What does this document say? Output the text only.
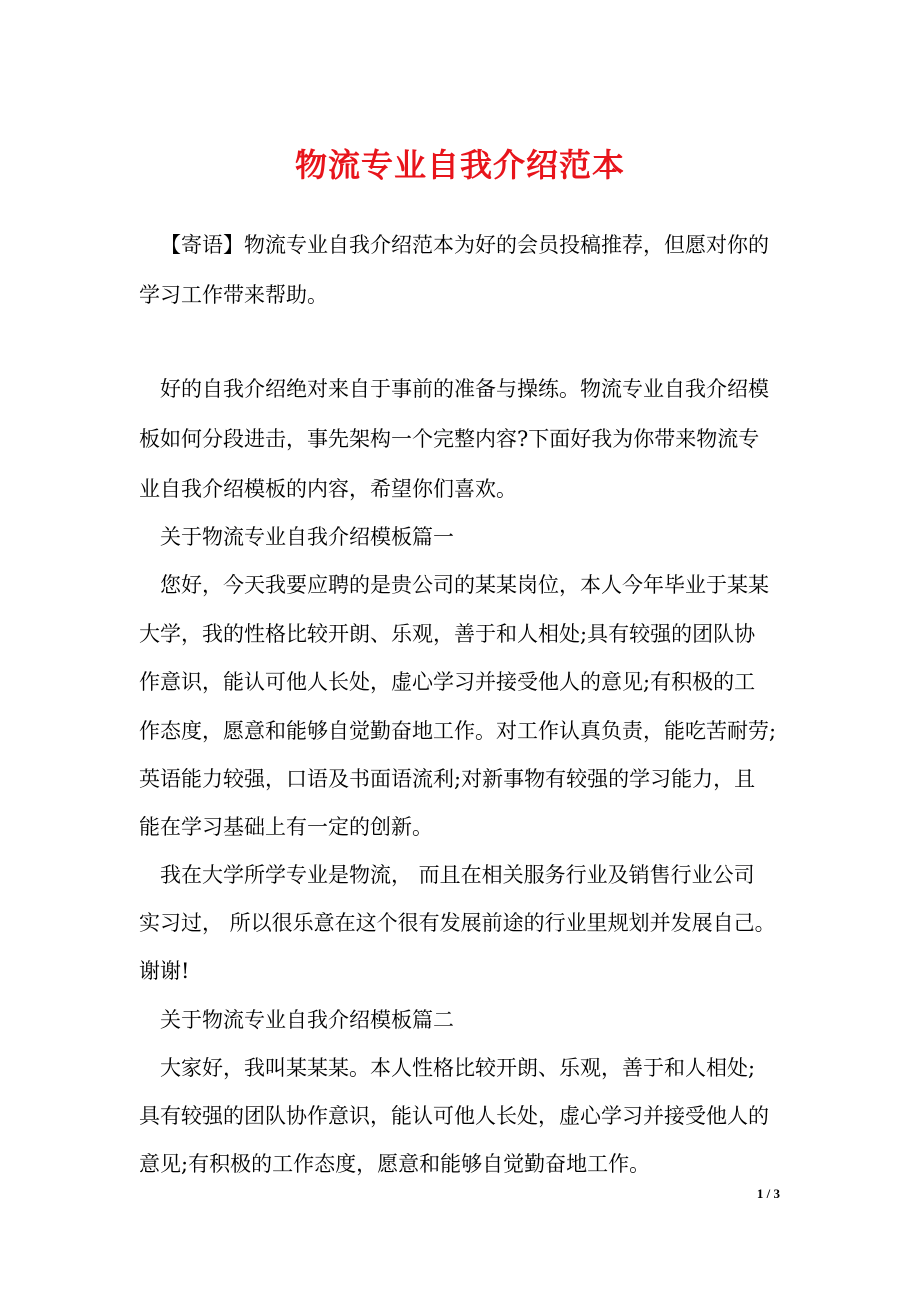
物流专业自我介绍范本

【寄语】物流专业自我介绍范本为好的会员投稿推荐，但愿对你的

学习工作带来帮助。

好的自我介绍绝对来自于事前的准备与操练。物流专业自我介绍模

板如何分段进击，事先架构一个完整内容?下面好我为你带来物流专

业自我介绍模板的内容，希望你们喜欢。

关于物流专业自我介绍模板篇一

您好，今天我要应聘的是贵公司的某某岗位，本人今年毕业于某某

大学，我的性格比较开朗、乐观，善于和人相处;具有较强的团队协

作意识，能认可他人长处，虚心学习并接受他人的意见;有积极的工

作态度，愿意和能够自觉勤奋地工作。对工作认真负责，能吃苦耐劳;

英语能力较强，口语及书面语流利;对新事物有较强的学习能力，且

能在学习基础上有一定的创新。

我在大学所学专业是物流， 而且在相关服务行业及销售行业公司

实习过， 所以很乐意在这个很有发展前途的行业里规划并发展自己。

谢谢!

关于物流专业自我介绍模板篇二

大家好，我叫某某某。本人性格比较开朗、乐观，善于和人相处;

具有较强的团队协作意识，能认可他人长处，虚心学习并接受他人的

意见;有积极的工作态度，愿意和能够自觉勤奋地工作。

1 / 3
